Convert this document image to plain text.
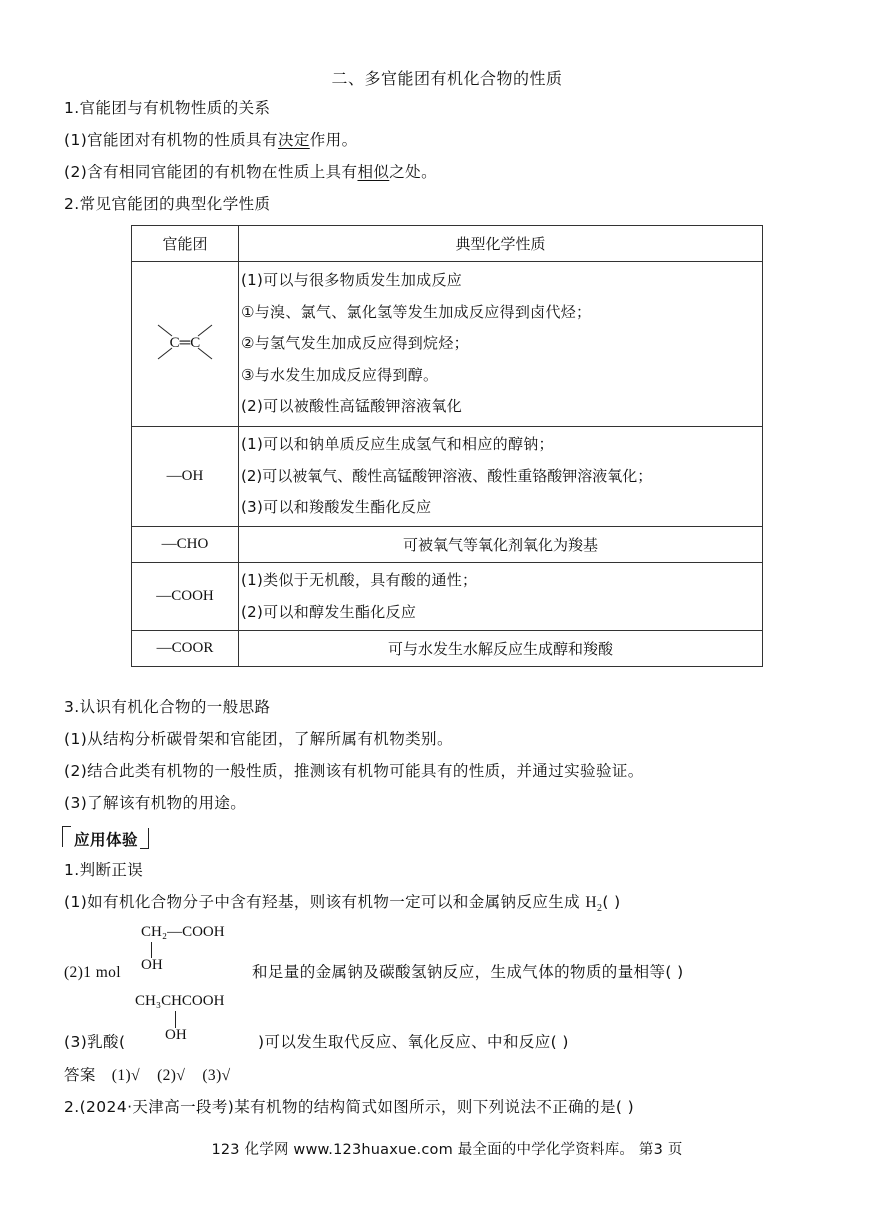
二、多官能团有机化合物的性质
1.官能团与有机物性质的关系
(1)官能团对有机物的性质具有决定作用。
(2)含有相同官能团的有机物在性质上具有相似之处。
2.常见官能团的典型化学性质
官能团	典型化学性质

C═C	(1)可以与很多物质发生加成反应
①与溴、氯气、氯化氢等发生加成反应得到卤代烃；
②与氢气发生加成反应得到烷烃；
③与水发生加成反应得到醇。
(2)可以被酸性高锰酸钾溶液氧化

—OH	(1)可以和钠单质反应生成氢气和相应的醇钠；
(2)可以被氧气、酸性高锰酸钾溶液、酸性重铬酸钾溶液氧化；
(3)可以和羧酸发生酯化反应

—CHO	可被氧气等氧化剂氧化为羧基
—COOH	(1)类似于无机酸，具有酸的通性；
(2)可以和醇发生酯化反应

—COOR	可与水发生水解反应生成醇和羧酸
3.认识有机化合物的一般思路
(1)从结构分析碳骨架和官能团，了解所属有机物类别。
(2)结合此类有机物的一般性质，推测该有机物可能具有的性质，并通过实验验证。
(3)了解该有机物的用途。
应用体验
1.判断正误
(1)如有机化合物分子中含有羟基，则该有机物一定可以和金属钠反应生成 $H_2$( )
CH₂—COOH
OH
(2)1 mol	和足量的金属钠及碳酸氢钠反应，生成气体的物质的量相等( )
CH₃CHCOOH
OH
(3)乳酸(	)可以发生取代反应、氧化反应、中和反应( )
答案 (1)√    (2)√    (3)√
2.(2024·天津高一段考)某有机物的结构简式如图所示，则下列说法不正确的是( )
123 化学网 www.123huaxue.com 最全面的中学化学资料库。 第3 页
